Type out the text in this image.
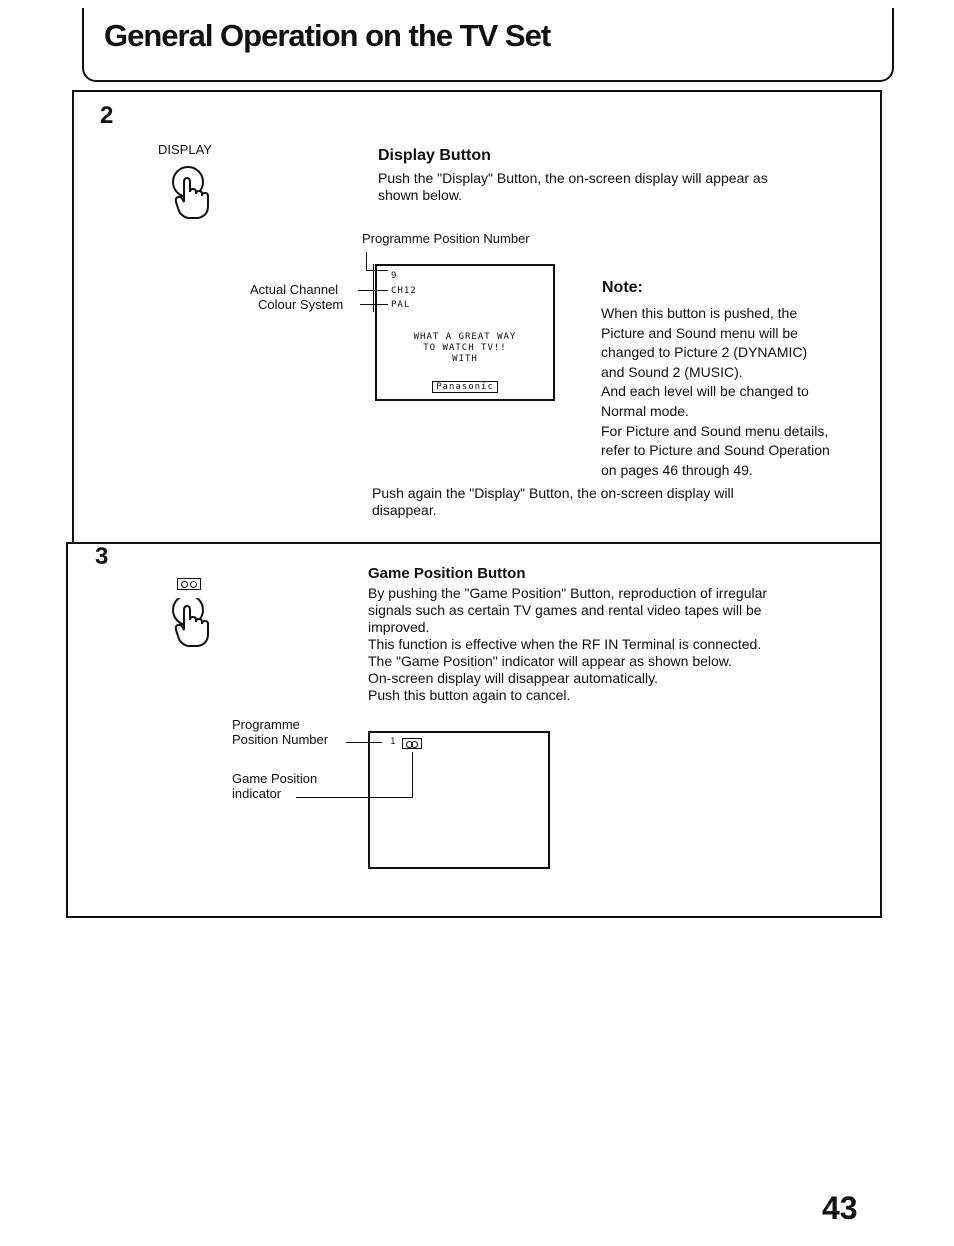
General Operation on the TV Set
2
DISPLAY	Display Button
Push the "Display" Button, the on-screen display will appear as
shown below.
Programme Position Number
9
CH12
PAL
WHAT A GREAT WAY
TO WATCH TV!!
WITH
Panasonic
Actual Channel
Colour System
Note:
When this button is pushed, the
Picture and Sound menu will be
changed to Picture 2 (DYNAMIC)
and Sound 2 (MUSIC).
And each level will be changed to
Normal mode.
For Picture and Sound menu details,
refer to Picture and Sound Operation
on pages 46 through 49.
Push again the "Display" Button, the on-screen display will
disappear.
3
Game Position Button
By pushing the "Game Position" Button, reproduction of irregular
signals such as certain TV games and rental video tapes will be
improved.
This function is effective when the RF IN Terminal is connected.
The "Game Position" indicator will appear as shown below.
On-screen display will disappear automatically.
Push this button again to cancel.
Programme
Position Number
Game Position
indicator
1
43
